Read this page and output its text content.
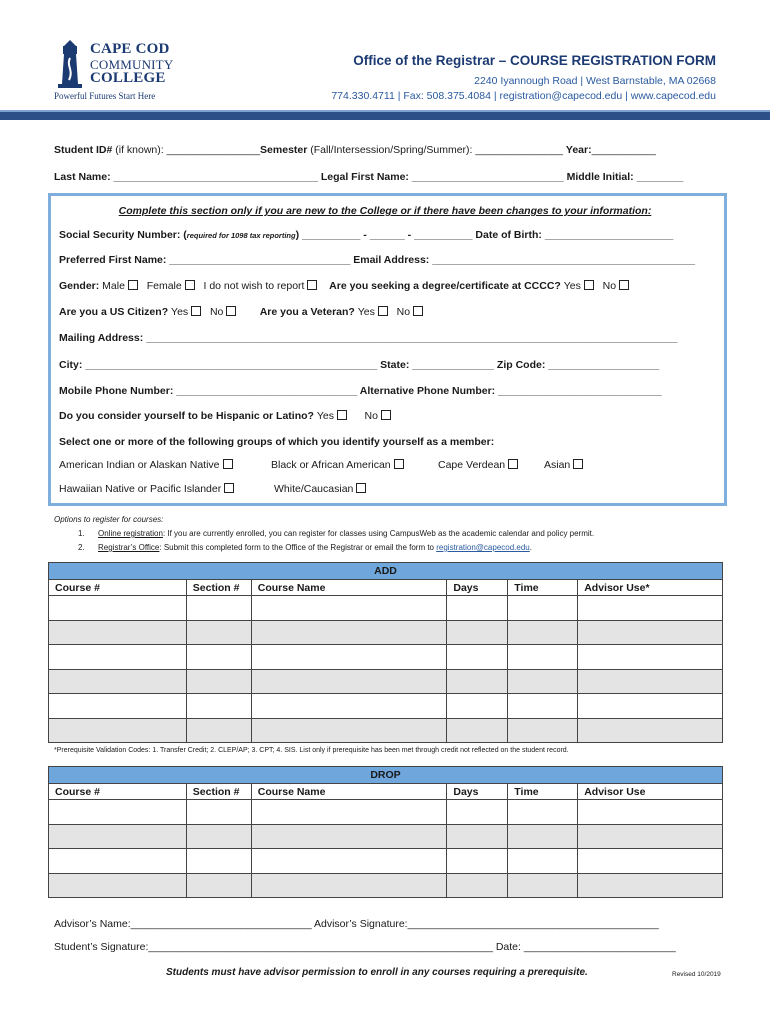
CAPE COD
COMMUNITY
COLLEGE
Powerful Futures Start Here
Office of the Registrar – COURSE REGISTRATION FORM
2240 Iyannough Road | West Barnstable, MA 02668
774.330.4711 | Fax: 508.375.4084 | registration@capecod.edu | www.capecod.edu
Student ID# (if known): ________________Semester (Fall/Intersession/Spring/Summer): _______________ Year:___________
Last Name: ___________________________________ Legal First Name: __________________________ Middle Initial: ________
Complete this section only if you are new to the College or if there have been changes to your information:
Social Security Number: (required for 1098 tax reporting) __________ - ______ - __________ Date of Birth: ______________________
Preferred First Name: _______________________________ Email Address: _____________________________________________
Gender: Male Female I do not wish to report Are you seeking a degree/certificate at CCCC? Yes No
Are you a US Citizen? Yes No	Are you a Veteran? Yes No
Mailing Address: ___________________________________________________________________________________________
City: __________________________________________________ State: ______________ Zip Code: ___________________
Mobile Phone Number: _______________________________ Alternative Phone Number: ____________________________
Do you consider yourself to be Hispanic or Latino? Yes	No
Select one or more of the following groups of which you identify yourself as a member:
American Indian or Alaskan Native	Black or African American	Cape Verdean	Asian
Hawaiian Native or Pacific Islander	White/Caucasian
Options to register for courses:
1. Online registration: If you are currently enrolled, you can register for classes using CampusWeb as the academic calendar and policy permit.
2. Registrar’s Office: Submit this completed form to the Office of the Registrar or email the form to registration@capecod.edu.
ADD					
Course #	Section #	Course Name	Days	Time	Advisor Use*

*Prerequisite Validation Codes: 1. Transfer Credit; 2. CLEP/AP; 3. CPT; 4. SIS. List only if prerequisite has been met through credit not reflected on the student record.
DROP					
Course #	Section #	Course Name	Days	Time	Advisor Use

Advisor’s Name:_______________________________ Advisor’s Signature:___________________________________________
Student’s Signature:___________________________________________________________ Date: __________________________
Students must have advisor permission to enroll in any courses requiring a prerequisite.	Revised 10/2019
